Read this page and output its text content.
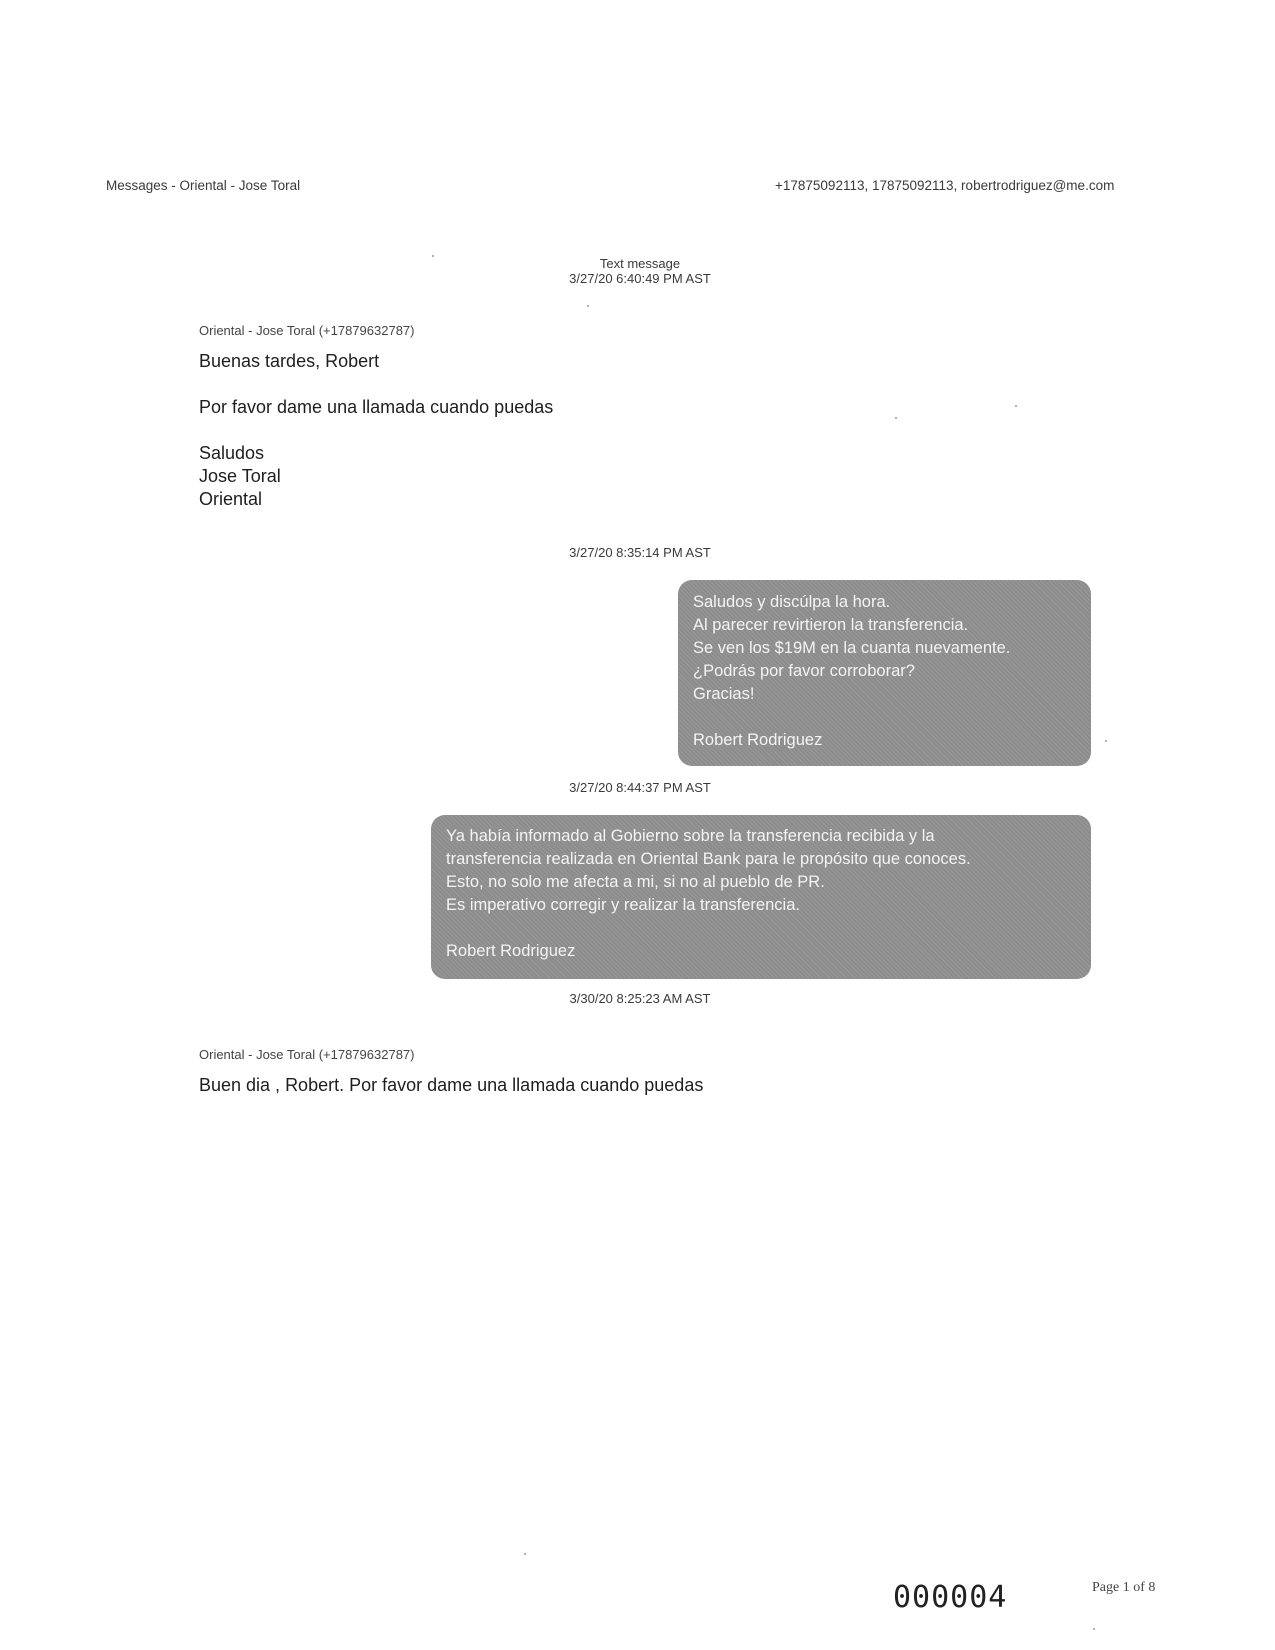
Messages - Oriental - Jose Toral	+17875092113, 17875092113, robertrodriguez@me.com
Text message
3/27/20 6:40:49 PM AST
Oriental - Jose Toral (+17879632787)
Buenas tardes, Robert
Por favor dame una llamada cuando puedas
Saludos
Jose Toral
Oriental
3/27/20 8:35:14 PM AST
Saludos y discúlpa la hora.
Al parecer revirtieron la transferencia.
Se ven los $19M en la cuanta nuevamente.
¿Podrás por favor corroborar?
Gracias!
Robert Rodriguez
3/27/20 8:44:37 PM AST
Ya había informado al Gobierno sobre la transferencia recibida y la
transferencia realizada en Oriental Bank para le propósito que conoces.
Esto, no solo me afecta a mi, si no al pueblo de PR.
Es imperativo corregir y realizar la transferencia.
Robert Rodriguez
3/30/20 8:25:23 AM AST
Oriental - Jose Toral (+17879632787)
Buen dia , Robert. Por favor dame una llamada cuando puedas
000004	Page 1 of 8
